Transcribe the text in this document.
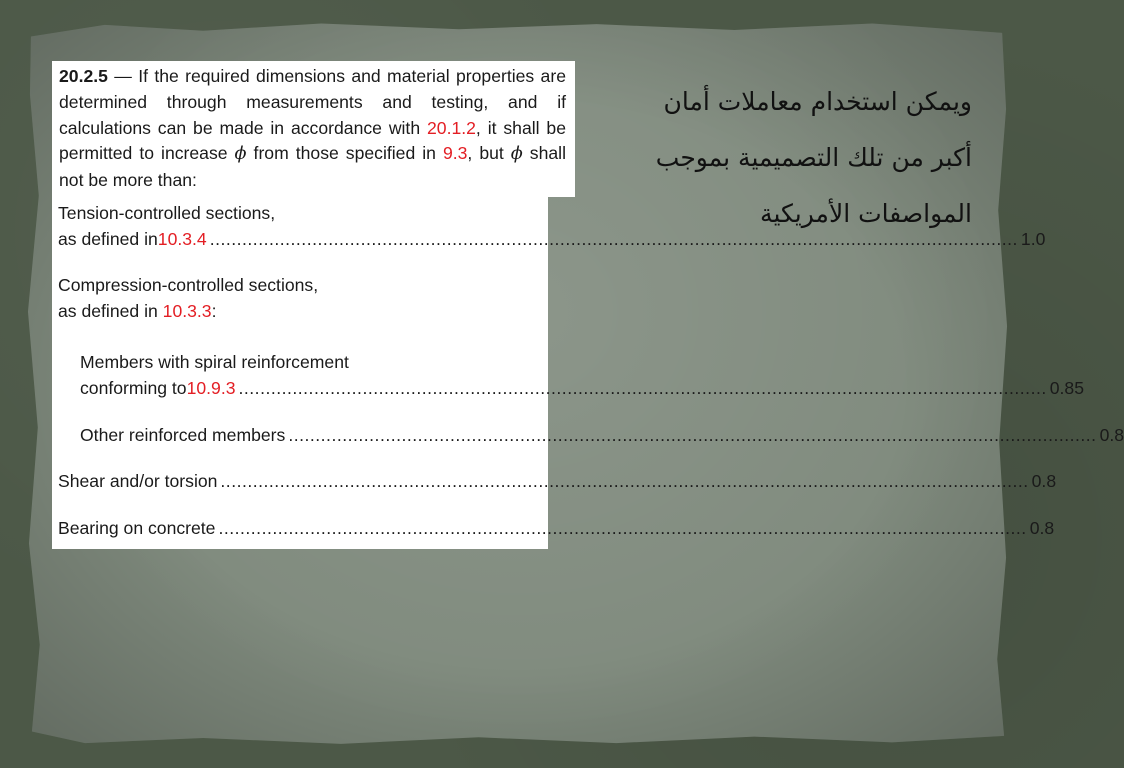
20.2.5 — If the required dimensions and material properties are determined through measurements and testing, and if calculations can be made in accordance with 20.1.2, it shall be permitted to increase ϕ from those specified in 9.3, but ϕ shall not be more than:
Tension-controlled sections,
as defined in 10.3.4 ...................................................................................................................................................... 1.0
Compression-controlled sections,
as defined in 10.3.3:
Members with spiral reinforcement
conforming to 10.9.3 ...................................................................................................................................................... 0.85
Other reinforced members ...................................................................................................................................................... 0.8
Shear and/or torsion ...................................................................................................................................................... 0.8
Bearing on concrete ...................................................................................................................................................... 0.8
ويمكن استخدام معاملات أمان
أكبر من تلك التصميمية بموجب
المواصفات الأمريكية
